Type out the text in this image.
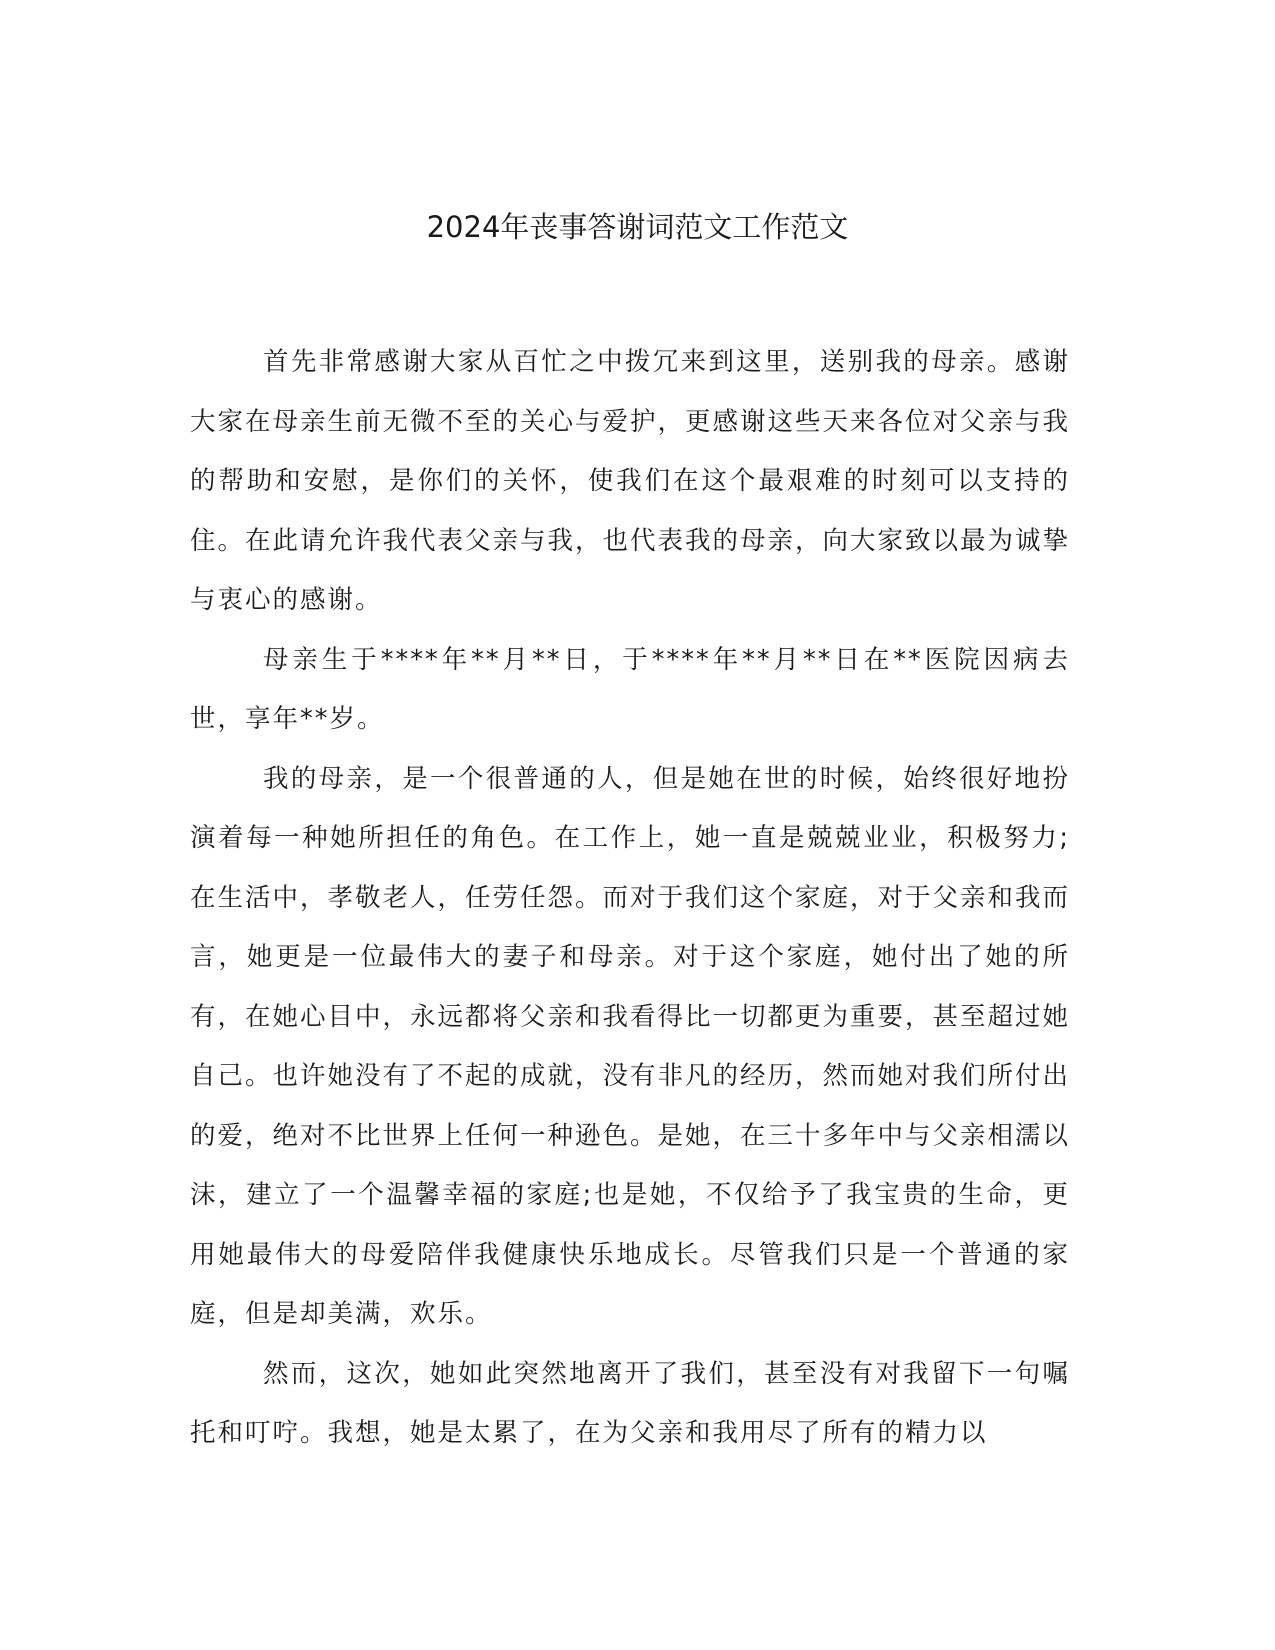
2024年丧事答谢词范文工作范文

首先非常感谢大家从百忙之中拨冗来到这里，送别我的母亲。感谢大家在母亲生前无微不至的关心与爱护，更感谢这些天来各位对父亲与我的帮助和安慰，是你们的关怀，使我们在这个最艰难的时刻可以支持的住。在此请允许我代表父亲与我，也代表我的母亲，向大家致以最为诚挚与衷心的感谢。

母亲生于****年**月**日，于****年**月**日在**医院因病去世，享年**岁。

我的母亲，是一个很普通的人，但是她在世的时候，始终很好地扮演着每一种她所担任的角色。在工作上，她一直是兢兢业业，积极努力;在生活中，孝敬老人，任劳任怨。而对于我们这个家庭，对于父亲和我而言，她更是一位最伟大的妻子和母亲。对于这个家庭，她付出了她的所有，在她心目中，永远都将父亲和我看得比一切都更为重要，甚至超过她自己。也许她没有了不起的成就，没有非凡的经历，然而她对我们所付出的爱，绝对不比世界上任何一种逊色。是她，在三十多年中与父亲相濡以沫，建立了一个温馨幸福的家庭;也是她，不仅给予了我宝贵的生命，更用她最伟大的母爱陪伴我健康快乐地成长。尽管我们只是一个普通的家庭，但是却美满，欢乐。

然而，这次，她如此突然地离开了我们，甚至没有对我留下一句嘱托和叮咛。我想，她是太累了，在为父亲和我用尽了所有的精力以
